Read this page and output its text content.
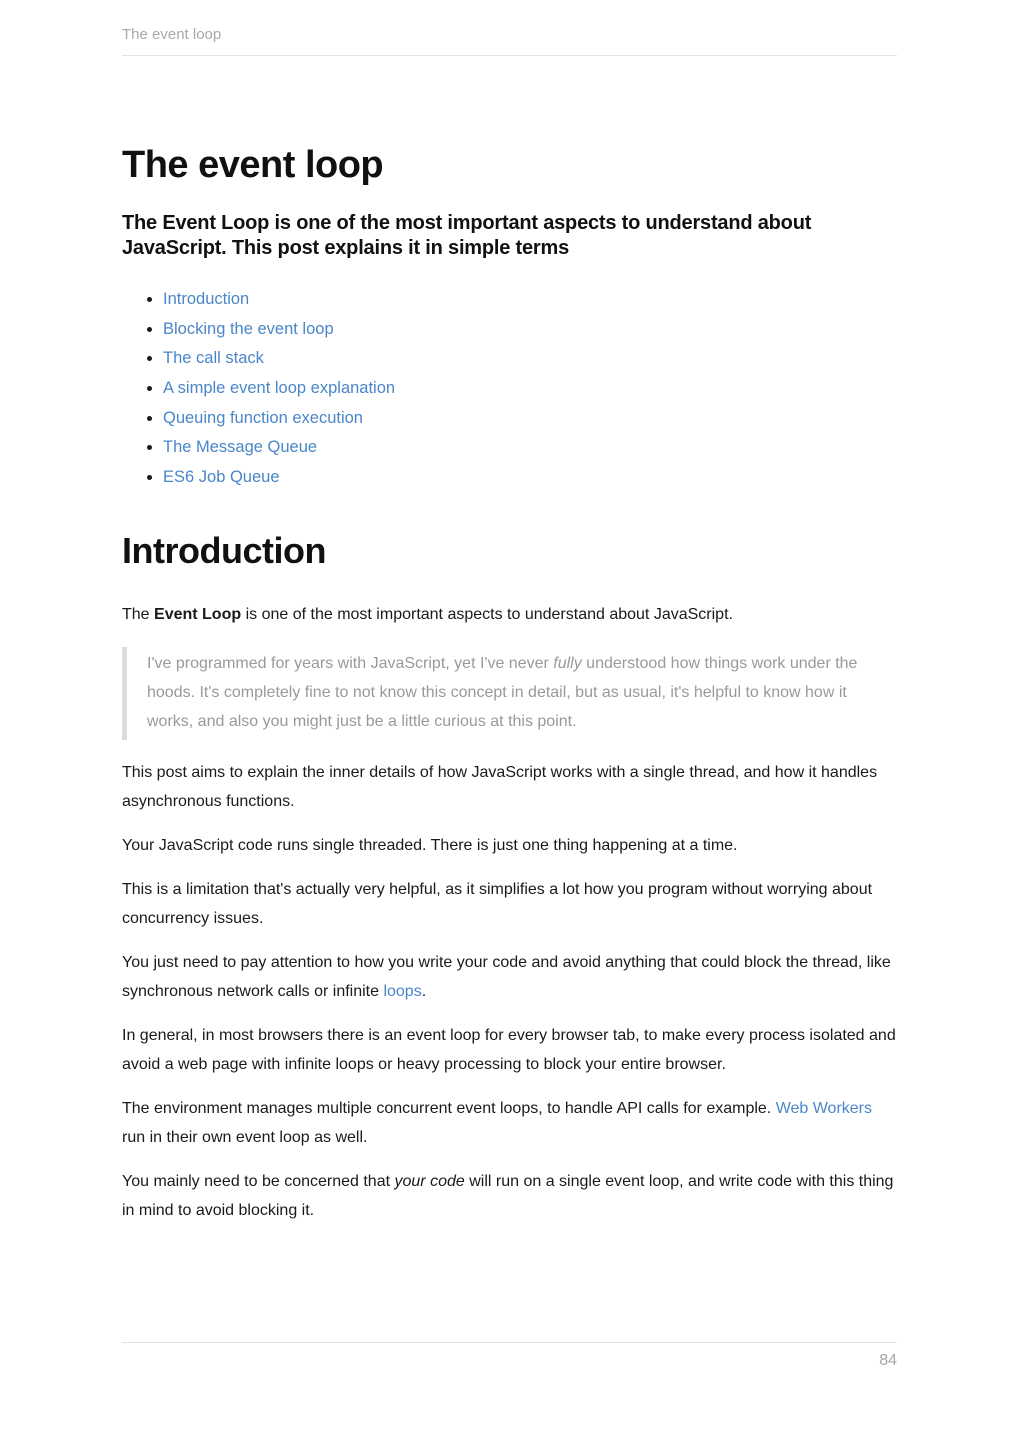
The event loop
The event loop

The Event Loop is one of the most important aspects to understand about JavaScript. This post explains it in simple terms

• Introduction
• Blocking the event loop
• The call stack
• A simple event loop explanation
• Queuing function execution
• The Message Queue
• ES6 Job Queue
Introduction

The Event Loop is one of the most important aspects to understand about JavaScript.

I've programmed for years with JavaScript, yet I've never fully understood how things work under the hoods. It's completely fine to not know this concept in detail, but as usual, it's helpful to know how it works, and also you might just be a little curious at this point.

This post aims to explain the inner details of how JavaScript works with a single thread, and how it handles asynchronous functions.

Your JavaScript code runs single threaded. There is just one thing happening at a time.

This is a limitation that's actually very helpful, as it simplifies a lot how you program without worrying about concurrency issues.

You just need to pay attention to how you write your code and avoid anything that could block the thread, like synchronous network calls or infinite loops.

In general, in most browsers there is an event loop for every browser tab, to make every process isolated and avoid a web page with infinite loops or heavy processing to block your entire browser.

The environment manages multiple concurrent event loops, to handle API calls for example. Web Workers run in their own event loop as well.

You mainly need to be concerned that your code will run on a single event loop, and write code with this thing in mind to avoid blocking it.

84
